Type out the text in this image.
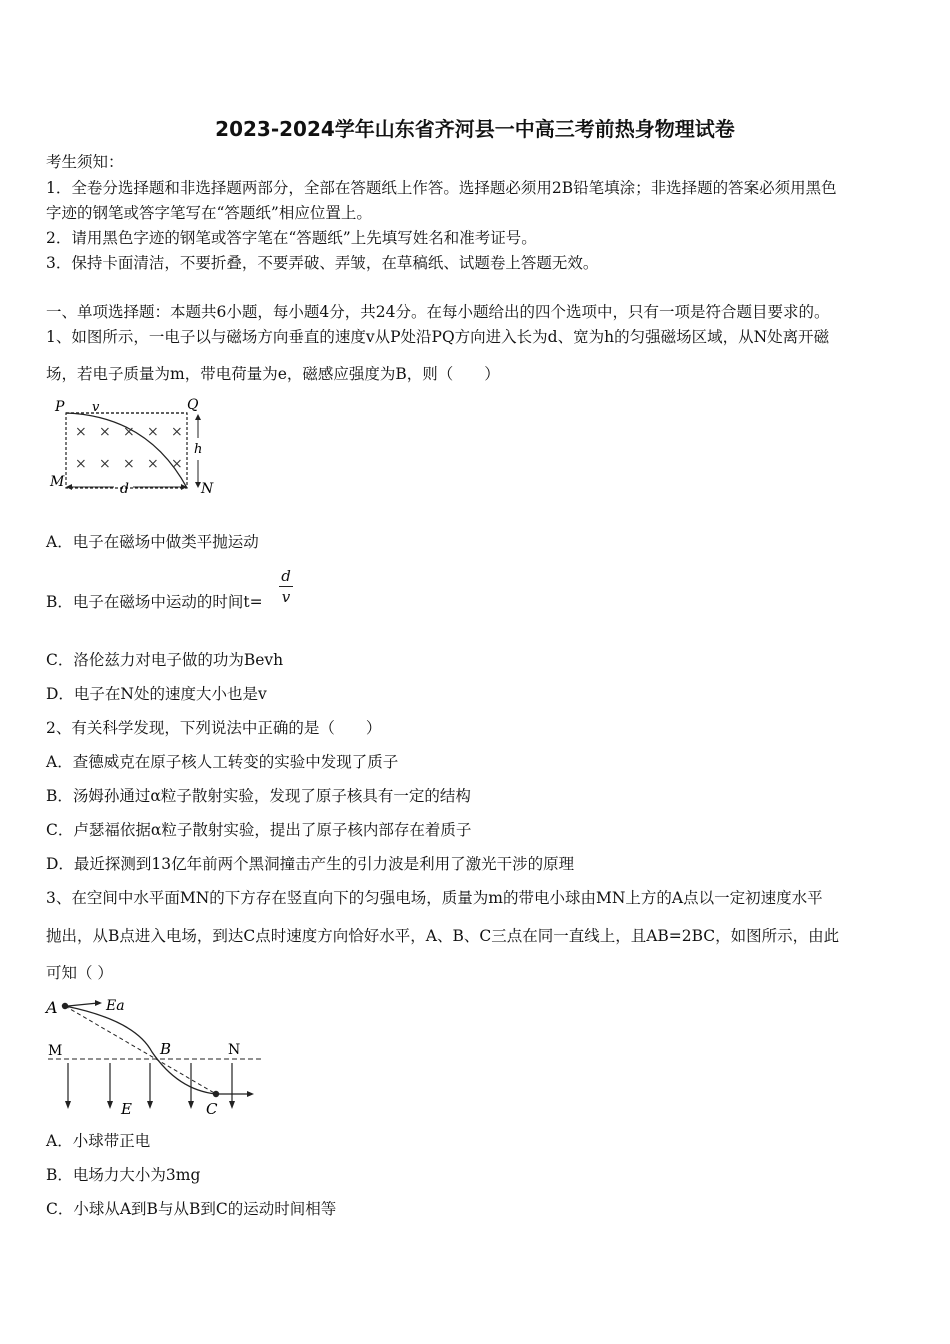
2023-2024学年山东省齐河县一中高三考前热身物理试卷
考生须知：
1．全卷分选择题和非选择题两部分，全部在答题纸上作答。选择题必须用2B铅笔填涂；非选择题的答案必须用黑色
字迹的钢笔或答字笔写在“答题纸”相应位置上。
2．请用黑色字迹的钢笔或答字笔在“答题纸”上先填写姓名和准考证号。
3．保持卡面清洁，不要折叠，不要弄破、弄皱，在草稿纸、试题卷上答题无效。
一、单项选择题：本题共6小题，每小题4分，共24分。在每小题给出的四个选项中，只有一项是符合题目要求的。
1、如图所示，一电子以与磁场方向垂直的速度v从P处沿PQ方向进入长为d、宽为h的匀强磁场区域，从N处离开磁
场，若电子质量为m，带电荷量为e，磁感应强度为B，则（　　）
P v	Q
h
M	d	N
× × × × ×
× × × × ×
A．电子在磁场中做类平抛运动
B．电子在磁场中运动的时间t=
d
v
C．洛伦兹力对电子做的功为Bevh
D．电子在N处的速度大小也是v
2、有关科学发现，下列说法中正确的是（　　）
A．查德威克在原子核人工转变的实验中发现了质子
B．汤姆孙通过α粒子散射实验，发现了原子核具有一定的结构
C．卢瑟福依据α粒子散射实验，提出了原子核内部存在着质子
D．最近探测到13亿年前两个黑洞撞击产生的引力波是利用了激光干涉的原理
3、在空间中水平面MN的下方存在竖直向下的匀强电场，质量为m的带电小球由MN上方的A点以一定初速度水平
抛出，从B点进入电场，到达C点时速度方向恰好水平，A、B、C三点在同一直线上，且AB=2BC，如图所示，由此
可知（ ）
A	Ea
M	B	N
E	C
A．小球带正电
B．电场力大小为3mg
C．小球从A到B与从B到C的运动时间相等
